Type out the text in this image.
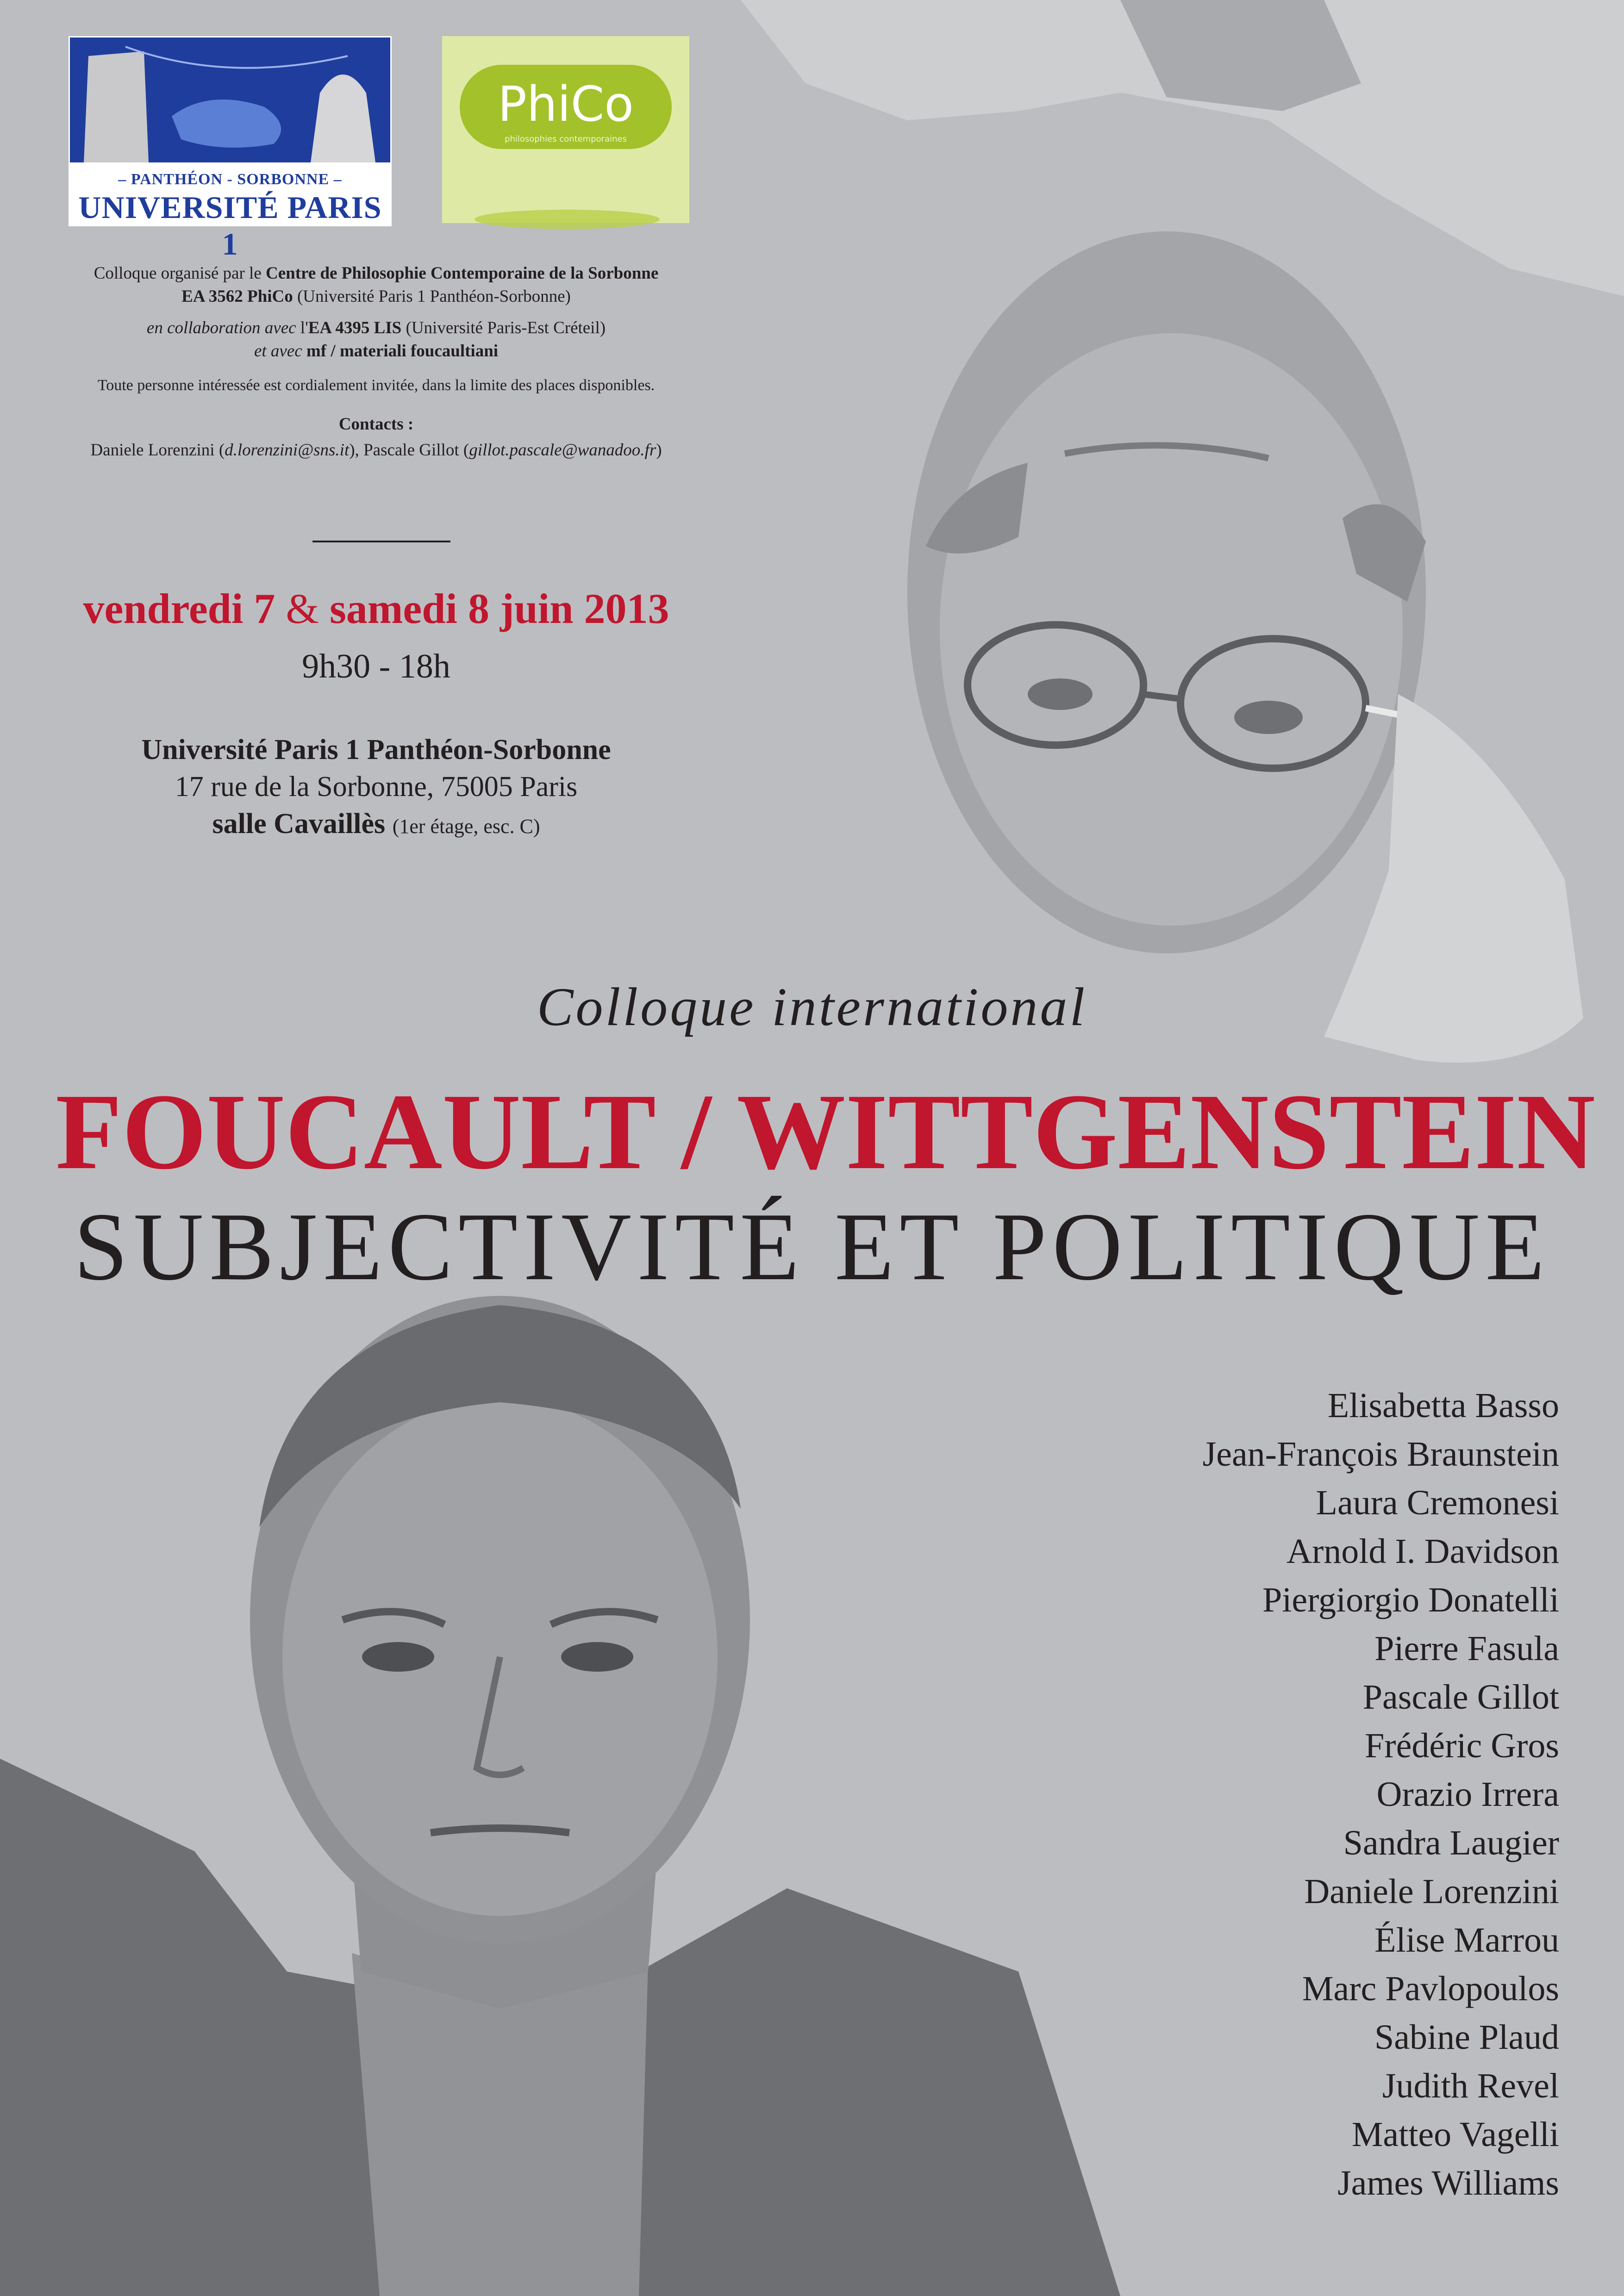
– PANTHÉON - SORBONNE –
UNIVERSITÉ PARIS 1
PhiCo
philosophies contemporaines

Colloque organisé par le Centre de Philosophie Contemporaine de la Sorbonne

EA 3562 PhiCo (Université Paris 1 Panthéon-Sorbonne)

en collaboration avec l'EA 4395 LIS (Université Paris-Est Créteil)

et avec mf / materiali foucaultiani

Toute personne intéressée est cordialement invitée, dans la limite des places disponibles.

Contacts :

Daniele Lorenzini (d.lorenzini@sns.it), Pascale Gillot (gillot.pascale@wanadoo.fr)

vendredi 7 & samedi 8 juin 2013
9h30 - 18h
Université Paris 1 Panthéon-Sorbonne
17 rue de la Sorbonne, 75005 Paris
salle Cavaillès (1er étage, esc. C)
Colloque international
FOUCAULT / WITTGENSTEIN
SUBJECTIVITÉ ET POLITIQUE
Elisabetta Basso
Jean-François Braunstein
Laura Cremonesi
Arnold I. Davidson
Piergiorgio Donatelli
Pierre Fasula
Pascale Gillot
Frédéric Gros
Orazio Irrera
Sandra Laugier
Daniele Lorenzini
Élise Marrou
Marc Pavlopoulos
Sabine Plaud
Judith Revel
Matteo Vagelli
James Williams
